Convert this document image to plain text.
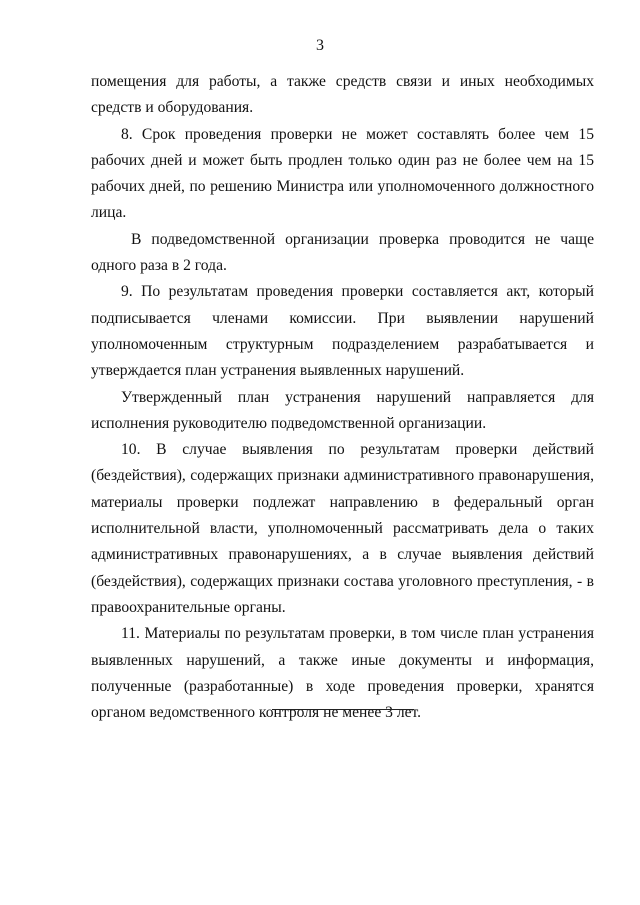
3

помещения для работы, а также средств связи и иных необходимых средств и оборудования.

8. Срок проведения проверки не может составлять более чем 15 рабочих дней и может быть продлен только один раз не более чем на 15 рабочих дней, по решению Министра или уполномоченного должностного лица.

В подведомственной организации проверка проводится не чаще одного раза в 2 года.

9. По результатам проведения проверки составляется акт, который подписывается членами комиссии. При выявлении нарушений уполномоченным структурным подразделением разрабатывается и утверждается план устранения выявленных нарушений.

Утвержденный план устранения нарушений направляется для исполнения руководителю подведомственной организации.

10. В случае выявления по результатам проверки действий (бездействия), содержащих признаки административного правонарушения, материалы проверки подлежат направлению в федеральный орган исполнительной власти, уполномоченный рассматривать дела о таких административных правонарушениях, а в случае выявления действий (бездействия), содержащих признаки состава уголовного преступления, - в правоохранительные органы.

11. Материалы по результатам проверки, в том числе план устранения выявленных нарушений, а также иные документы и информация, полученные (разработанные) в ходе проведения проверки, хранятся органом ведомственного контроля не менее 3 лет.
